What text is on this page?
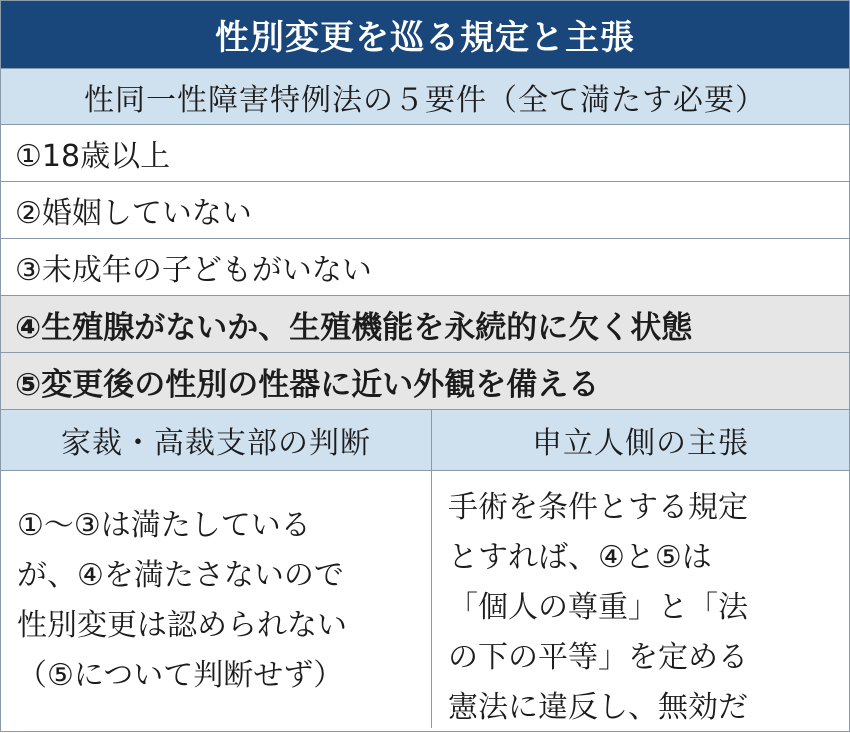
性別変更を巡る規定と主張
性同一性障害特例法の５要件（全て満たす必要）
①18歳以上
②婚姻していない
③未成年の子どもがいない
④生殖腺がないか、生殖機能を永続的に欠く状態
⑤変更後の性別の性器に近い外観を備える
家裁・高裁支部の判断	申立人側の主張
①～③は満たしている
が、④を満たさないので
性別変更は認められない
（⑤について判断せず）
手術を条件とする規定
とすれば、④と⑤は
「個人の尊重」と「法
の下の平等」を定める
憲法に違反し、無効だ
